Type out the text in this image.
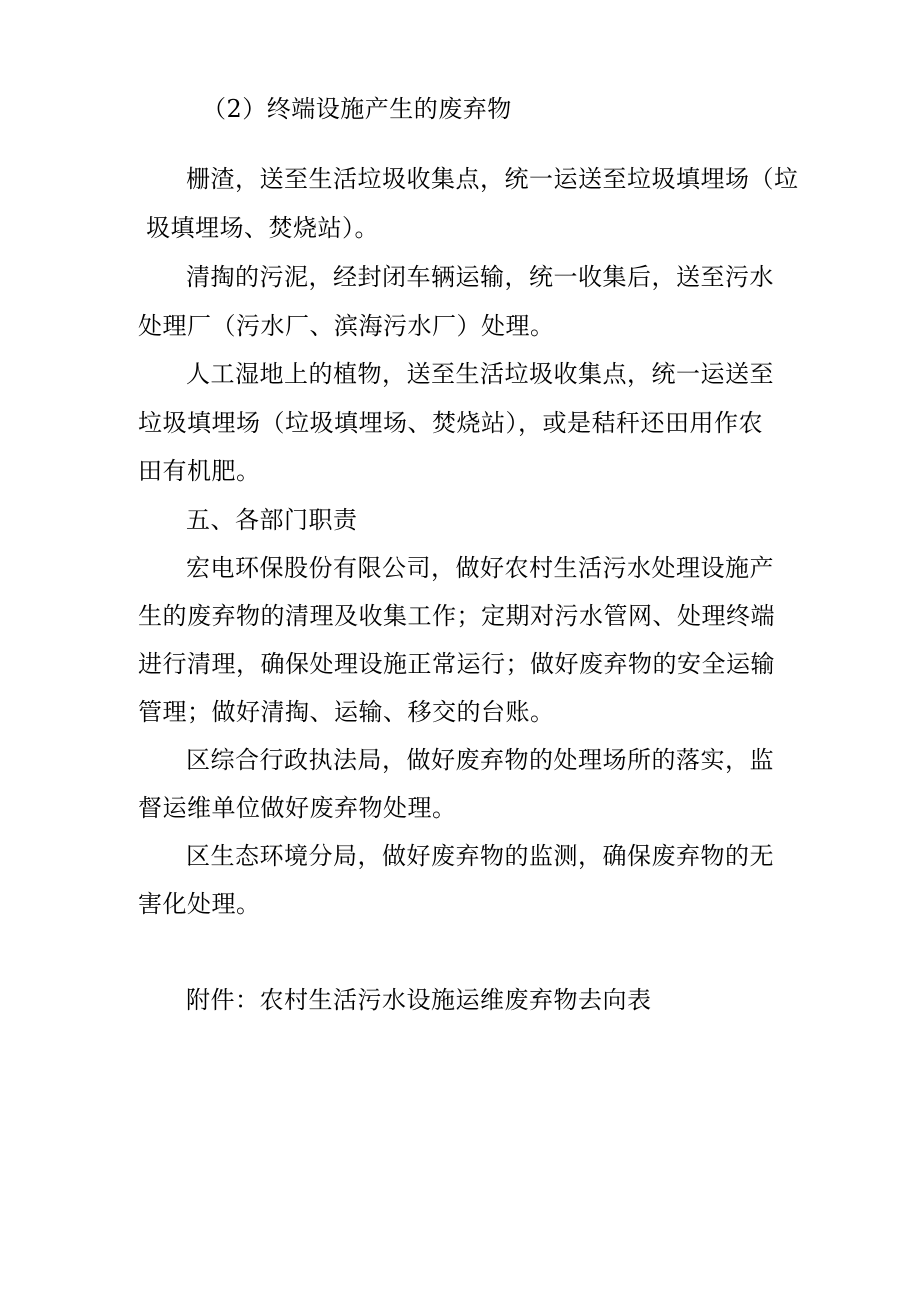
（2）终端设施产生的废弃物
栅渣，送至生活垃圾收集点，统一运送至垃圾填埋场（垃
圾填埋场、焚烧站）。
清掏的污泥，经封闭车辆运输，统一收集后，送至污水
处理厂（污水厂、滨海污水厂）处理。
人工湿地上的植物，送至生活垃圾收集点，统一运送至
垃圾填埋场（垃圾填埋场、焚烧站），或是秸秆还田用作农
田有机肥。
五、各部门职责
宏电环保股份有限公司，做好农村生活污水处理设施产
生的废弃物的清理及收集工作；定期对污水管网、处理终端
进行清理，确保处理设施正常运行；做好废弃物的安全运输
管理；做好清掏、运输、移交的台账。
区综合行政执法局，做好废弃物的处理场所的落实，监
督运维单位做好废弃物处理。
区生态环境分局，做好废弃物的监测，确保废弃物的无
害化处理。
附件：农村生活污水设施运维废弃物去向表
